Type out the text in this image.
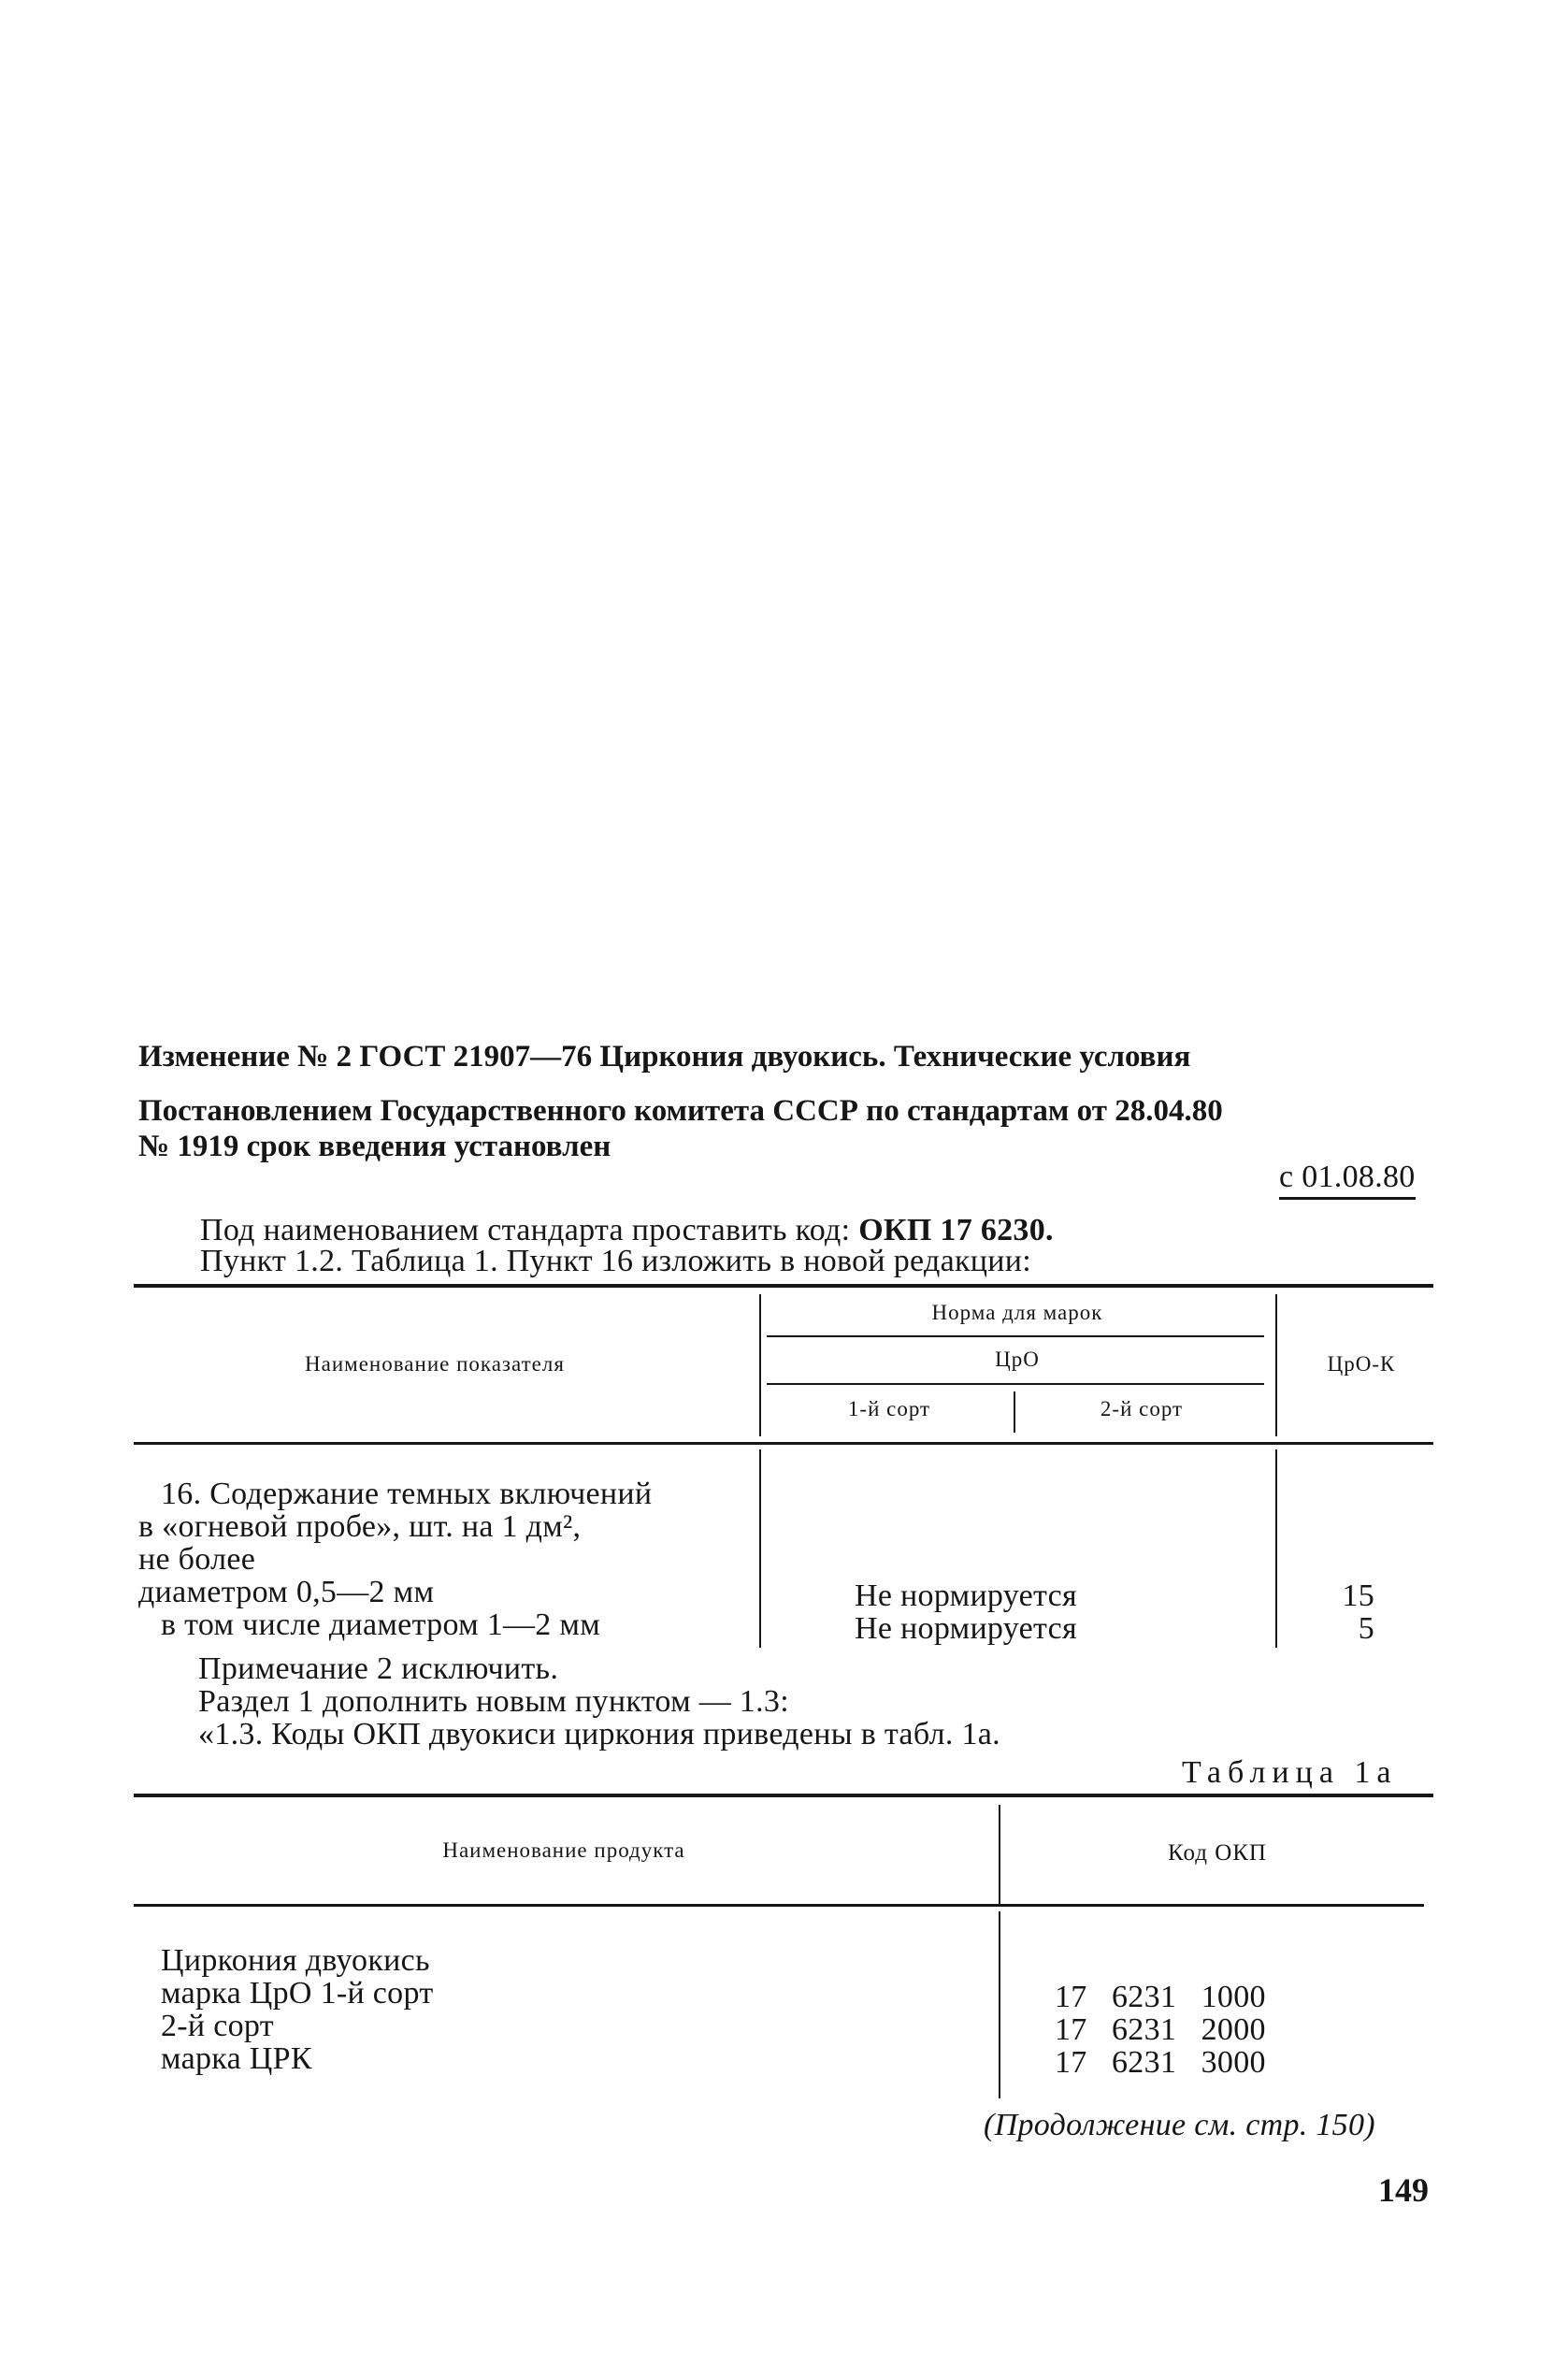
Изменение № 2 ГОСТ 21907—76 Циркония двуокись. Технические условия
Постановлением Государственного комитета СССР по стандартам от 28.04.80
№ 1919 срок введения установлен
с 01.08.80
Под наименованием стандарта проставить код: ОКП 17 6230.
Пункт 1.2. Таблица 1. Пункт 16 изложить в новой редакции:
Наименование показателя
Норма для марок
ЦрО
1-й сорт	2-й сорт
ЦрО-К
16. Содержание темных включений
в «огневой пробе», шт. на 1 дм²,
не более
диаметром 0,5—2 мм
в том числе диаметром 1—2 мм
Не нормируется
Не нормируется
15
5
Примечание 2 исключить.
Раздел 1 дополнить новым пунктом — 1.3:
«1.3. Коды ОКП двуокиси циркония приведены в табл. 1а.
Таблица 1а
Наименование продукта	Код ОКП
Циркония двуокись
марка ЦрО 1-й сорт
2-й сорт
марка ЦРК
17   6231   1000
17   6231   2000
17   6231   3000
(Продолжение см. стр. 150)
149
